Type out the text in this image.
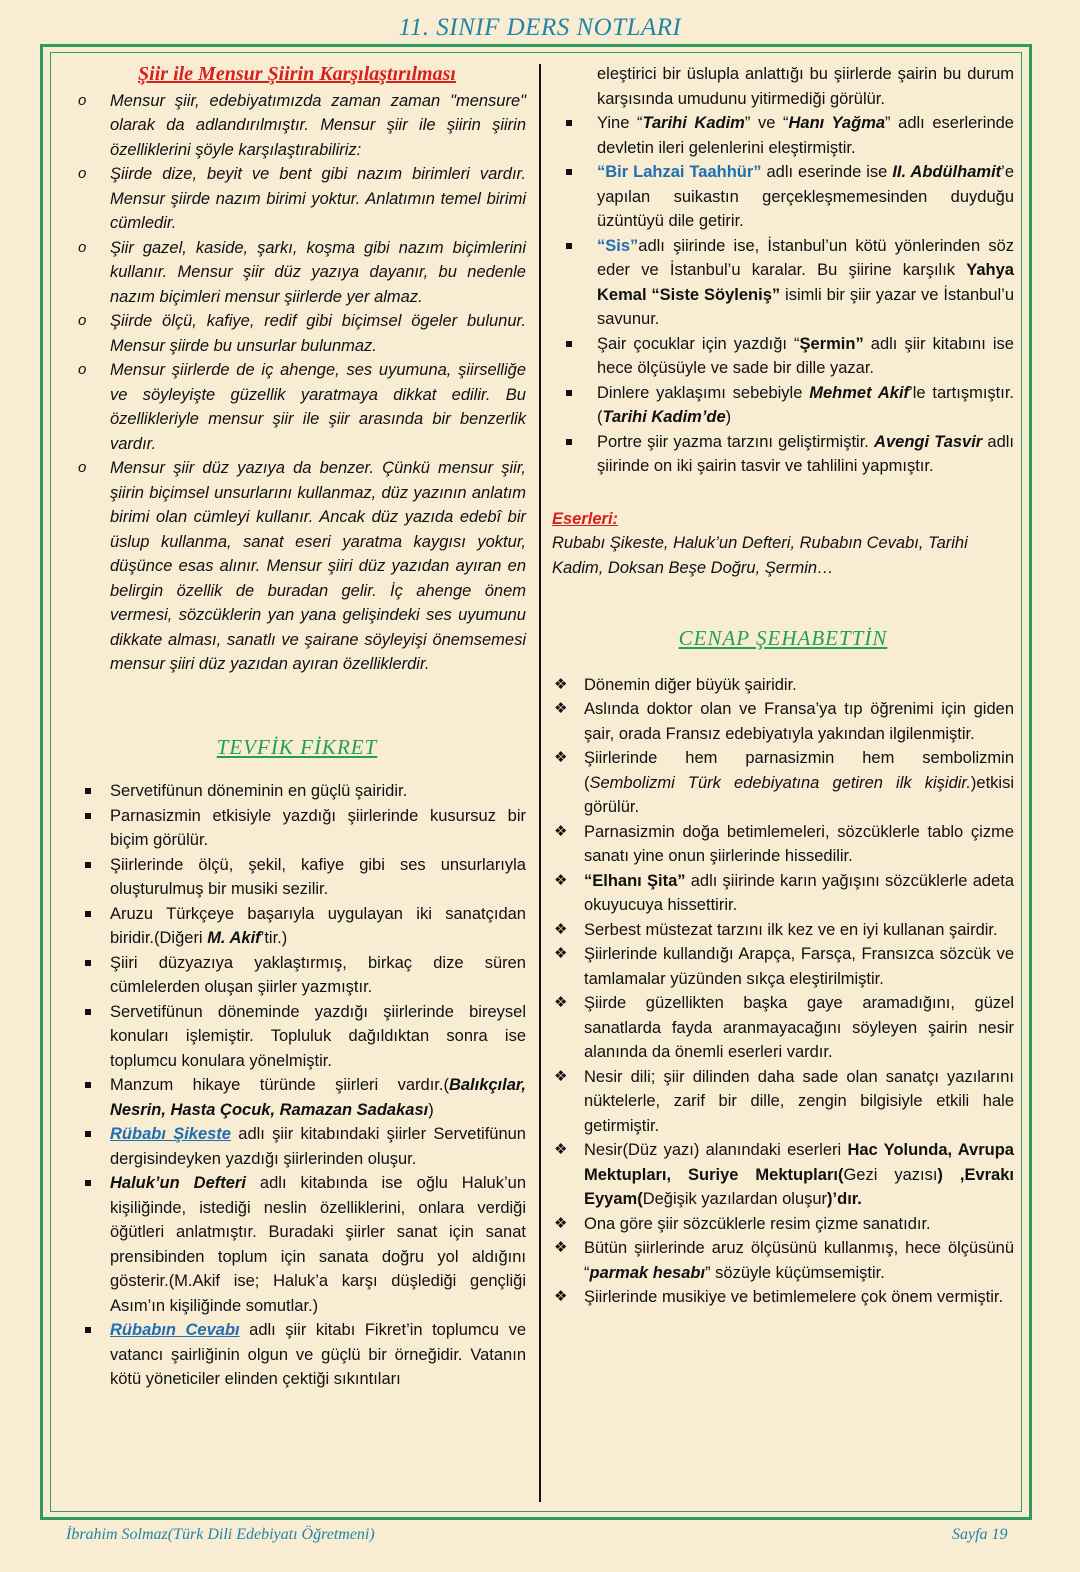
11. SINIF DERS NOTLARI
Şiir ile Mensur Şiirin Karşılaştırılması
o Mensur şiir, edebiyatımızda zaman zaman "mensure" olarak da adlandırılmıştır. Mensur şiir ile şiirin şiirin özelliklerini şöyle karşılaştırabiliriz:
o Şiirde dize, beyit ve bent gibi nazım birimleri vardır. Mensur şiirde nazım birimi yoktur. Anlatımın temel birimi cümledir.
o Şiir gazel, kaside, şarkı, koşma gibi nazım biçimlerini kullanır. Mensur şiir düz yazıya dayanır, bu nedenle nazım biçimleri mensur şiirlerde yer almaz.
o Şiirde ölçü, kafiye, redif gibi biçimsel ögeler bulunur. Mensur şiirde bu unsurlar bulunmaz.
o Mensur şiirlerde de iç ahenge, ses uyumuna, şiirselliğe ve söyleyişte güzellik yaratmaya dikkat edilir. Bu özellikleriyle mensur şiir ile şiir arasında bir benzerlik vardır.
o Mensur şiir düz yazıya da benzer. Çünkü mensur şiir, şiirin biçimsel unsurlarını kullanmaz, düz yazının anlatım birimi olan cümleyi kullanır. Ancak düz yazıda edebî bir üslup kullanma, sanat eseri yaratma kaygısı yoktur, düşünce esas alınır. Mensur şiiri düz yazıdan ayıran en belirgin özellik de buradan gelir. İç ahenge önem vermesi, sözcüklerin yan yana gelişindeki ses uyumunu dikkate alması, sanatlı ve şairane söyleyişi önemsemesi mensur şiiri düz yazıdan ayıran özelliklerdir.
TEVFİK FİKRET
Servetifünun döneminin en güçlü şairidir.
Parnasizmin etkisiyle yazdığı şiirlerinde kusursuz bir biçim görülür.
Şiirlerinde ölçü, şekil, kafiye gibi ses unsurlarıyla oluşturulmuş bir musiki sezilir.
Aruzu Türkçeye başarıyla uygulayan iki sanatçıdan biridir.(Diğeri M. Akif’tir.)
Şiiri düzyazıya yaklaştırmış, birkaç dize süren cümlelerden oluşan şiirler yazmıştır.
Servetifünun döneminde yazdığı şiirlerinde bireysel konuları işlemiştir. Topluluk dağıldıktan sonra ise toplumcu konulara yönelmiştir.
Manzum hikaye türünde şiirleri vardır.(Balıkçılar, Nesrin, Hasta Çocuk, Ramazan Sadakası)
Rübabı Şikeste adlı şiir kitabındaki şiirler Servetifünun dergisindeyken yazdığı şiirlerinden oluşur.
Haluk’un Defteri adlı kitabında ise oğlu Haluk’un kişiliğinde, istediği neslin özelliklerini, onlara verdiği öğütleri anlatmıştır. Buradaki şiirler sanat için sanat prensibinden toplum için sanata doğru yol aldığını gösterir.(M.Akif ise; Haluk’a karşı düşlediği gençliği Asım’ın kişiliğinde somutlar.)
Rübabın Cevabı adlı şiir kitabı Fikret’in toplumcu ve vatancı şairliğinin olgun ve güçlü bir örneğidir. Vatanın kötü yöneticiler elinden çektiği sıkıntıları
eleştirici bir üslupla anlattığı bu şiirlerde şairin bu durum karşısında umudunu yitirmediği görülür.
Yine “Tarihi Kadim” ve “Hanı Yağma” adlı eserlerinde devletin ileri gelenlerini eleştirmiştir.
“Bir Lahzai Taahhür” adlı eserinde ise II. Abdülhamit’e yapılan suikastın gerçekleşmemesinden duyduğu üzüntüyü dile getirir.
“Sis”adlı şiirinde ise, İstanbul’un kötü yönlerinden söz eder ve İstanbul’u karalar. Bu şiirine karşılık Yahya Kemal “Siste Söyleniş” isimli bir şiir yazar ve İstanbul’u savunur.
Şair çocuklar için yazdığı “Şermin” adlı şiir kitabını ise hece ölçüsüyle ve sade bir dille yazar.
Dinlere yaklaşımı sebebiyle Mehmet Akif’le tartışmıştır.(Tarihi Kadim’de)
Portre şiir yazma tarzını geliştirmiştir. Avengi Tasvir adlı şiirinde on iki şairin tasvir ve tahlilini yapmıştır.
Eserleri:
Rubabı Şikeste, Haluk’un Defteri, Rubabın Cevabı, Tarihi Kadim, Doksan Beşe Doğru, Şermin…
CENAP ŞEHABETTİN
❖ Dönemin diğer büyük şairidir.
❖ Aslında doktor olan ve Fransa’ya tıp öğrenimi için giden şair, orada Fransız edebiyatıyla yakından ilgilenmiştir.
❖ Şiirlerinde hem parnasizmin hem sembolizmin (Sembolizmi Türk edebiyatına getiren ilk kişidir.)etkisi görülür.
❖ Parnasizmin doğa betimlemeleri, sözcüklerle tablo çizme sanatı yine onun şiirlerinde hissedilir.
❖ “Elhanı Şita” adlı şiirinde karın yağışını sözcüklerle adeta okuyucuya hissettirir.
❖ Serbest müstezat tarzını ilk kez ve en iyi kullanan şairdir.
❖ Şiirlerinde kullandığı Arapça, Farsça, Fransızca sözcük ve tamlamalar yüzünden sıkça eleştirilmiştir.
❖ Şiirde güzellikten başka gaye aramadığını, güzel sanatlarda fayda aranmayacağını söyleyen şairin nesir alanında da önemli eserleri vardır.
❖ Nesir dili; şiir dilinden daha sade olan sanatçı yazılarını nüktelerle, zarif bir dille, zengin bilgisiyle etkili hale getirmiştir.
❖ Nesir(Düz yazı) alanındaki eserleri Hac Yolunda, Avrupa Mektupları, Suriye Mektupları(Gezi yazısı) ,Evrakı Eyyam(Değişik yazılardan oluşur)’dır.
❖ Ona göre şiir sözcüklerle resim çizme sanatıdır.
❖ Bütün şiirlerinde aruz ölçüsünü kullanmış, hece ölçüsünü “parmak hesabı” sözüyle küçümsemiştir.
❖ Şiirlerinde musikiye ve betimlemelere çok önem vermiştir.
İbrahim Solmaz(Türk Dili Edebiyatı Öğretmeni)	Sayfa 19
